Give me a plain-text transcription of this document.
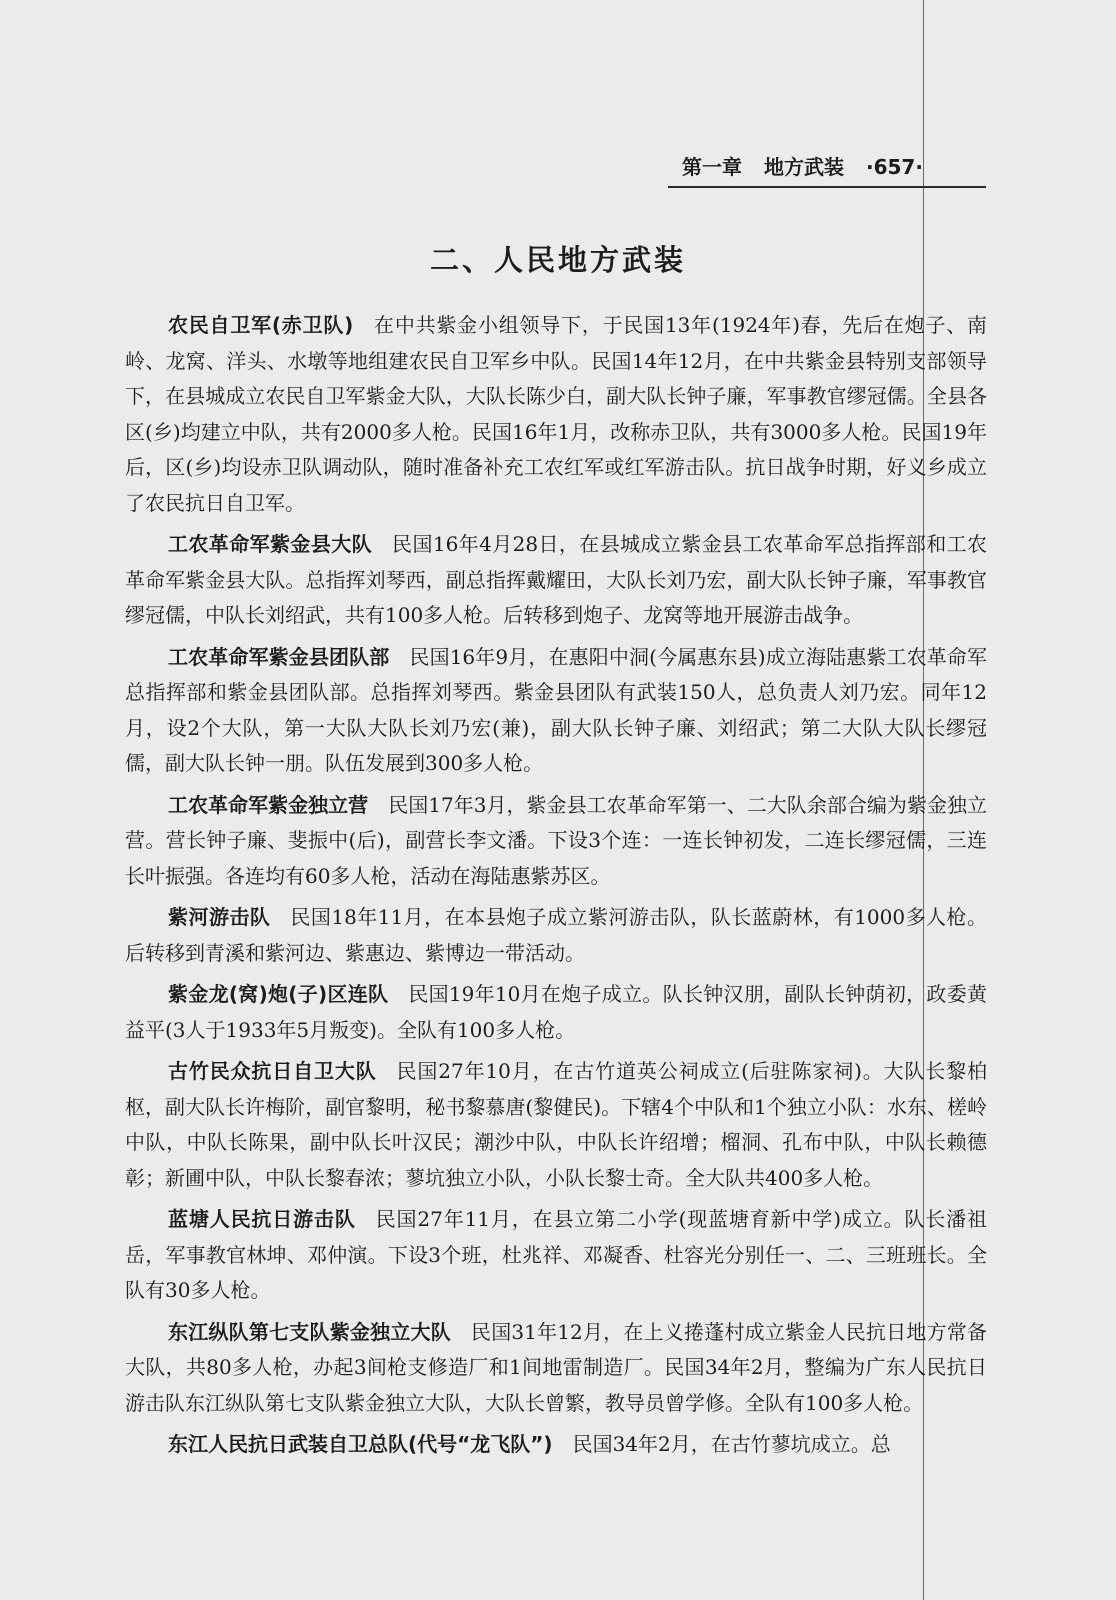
第一章 地方武装 ·657·
二、人民地方武装

农民自卫军(赤卫队) 在中共紫金小组领导下，于民国13年(1924年)春，先后在炮子、南岭、龙窝、洋头、水墩等地组建农民自卫军乡中队。民国14年12月，在中共紫金县特别支部领导下，在县城成立农民自卫军紫金大队，大队长陈少白，副大队长钟子廉，军事教官缪冠儒。全县各区(乡)均建立中队，共有2000多人枪。民国16年1月，改称赤卫队，共有3000多人枪。民国19年后，区(乡)均设赤卫队调动队，随时准备补充工农红军或红军游击队。抗日战争时期，好义乡成立了农民抗日自卫军。

工农革命军紫金县大队 民国16年4月28日，在县城成立紫金县工农革命军总指挥部和工农革命军紫金县大队。总指挥刘琴西，副总指挥戴耀田，大队长刘乃宏，副大队长钟子廉，军事教官缪冠儒，中队长刘绍武，共有100多人枪。后转移到炮子、龙窝等地开展游击战争。

工农革命军紫金县团队部 民国16年9月，在惠阳中洞(今属惠东县)成立海陆惠紫工农革命军总指挥部和紫金县团队部。总指挥刘琴西。紫金县团队有武装150人，总负责人刘乃宏。同年12月，设2个大队，第一大队大队长刘乃宏(兼)，副大队长钟子廉、刘绍武；第二大队大队长缪冠儒，副大队长钟一朋。队伍发展到300多人枪。

工农革命军紫金独立营 民国17年3月，紫金县工农革命军第一、二大队余部合编为紫金独立营。营长钟子廉、斐振中(后)，副营长李文潘。下设3个连：一连长钟初发，二连长缪冠儒，三连长叶振强。各连均有60多人枪，活动在海陆惠紫苏区。

紫河游击队 民国18年11月，在本县炮子成立紫河游击队，队长蓝蔚林，有1000多人枪。后转移到青溪和紫河边、紫惠边、紫博边一带活动。

紫金龙(窝)炮(子)区连队 民国19年10月在炮子成立。队长钟汉朋，副队长钟荫初，政委黄益平(3人于1933年5月叛变)。全队有100多人枪。

古竹民众抗日自卫大队 民国27年10月，在古竹道英公祠成立(后驻陈家祠)。大队长黎柏枢，副大队长许梅阶，副官黎明，秘书黎慕唐(黎健民)。下辖4个中队和1个独立小队：水东、槎岭中队，中队长陈果，副中队长叶汉民；潮沙中队，中队长许绍增；榴洞、孔布中队，中队长赖德彰；新圃中队，中队长黎春浓；蓼坑独立小队，小队长黎士奇。全大队共400多人枪。

蓝塘人民抗日游击队 民国27年11月，在县立第二小学(现蓝塘育新中学)成立。队长潘祖岳，军事教官林坤、邓仲演。下设3个班，杜兆祥、邓凝香、杜容光分别任一、二、三班班长。全队有30多人枪。

东江纵队第七支队紫金独立大队 民国31年12月，在上义捲蓬村成立紫金人民抗日地方常备大队，共80多人枪，办起3间枪支修造厂和1间地雷制造厂。民国34年2月，整编为广东人民抗日游击队东江纵队第七支队紫金独立大队，大队长曾繁，教导员曾学修。全队有100多人枪。

东江人民抗日武装自卫总队(代号“龙飞队”) 民国34年2月，在古竹蓼坑成立。总
